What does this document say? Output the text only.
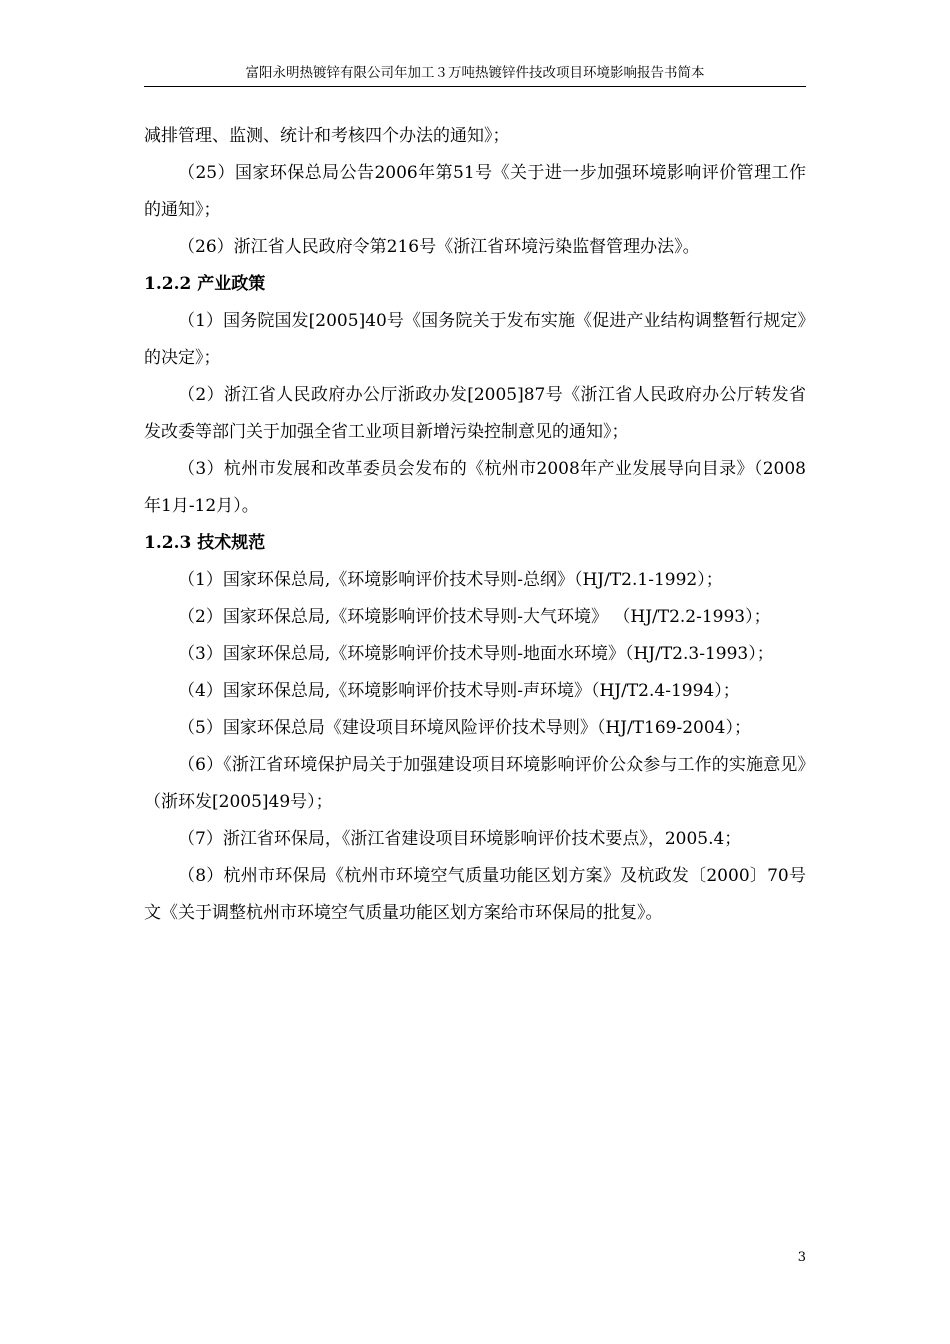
富阳永明热镀锌有限公司年加工３万吨热镀锌件技改项目环境影响报告书简本

减排管理、监测、统计和考核四个办法的通知》；

（25）国家环保总局公告2006年第51号《关于进一步加强环境影响评价管理工作的通知》；

（26）浙江省人民政府令第216号《浙江省环境污染监督管理办法》。

1.2.2 产业政策

（1）国务院国发[2005]40号《国务院关于发布实施《促进产业结构调整暂行规定》的决定》；

（2）浙江省人民政府办公厅浙政办发[2005]87号《浙江省人民政府办公厅转发省发改委等部门关于加强全省工业项目新增污染控制意见的通知》；

（3）杭州市发展和改革委员会发布的《杭州市2008年产业发展导向目录》（2008年1月-12月）。

1.2.3 技术规范

（1）国家环保总局,《环境影响评价技术导则-总纲》（HJ/T2.1-1992）；

（2）国家环保总局,《环境影响评价技术导则-大气环境》 （HJ/T2.2-1993）；

（3）国家环保总局,《环境影响评价技术导则-地面水环境》（HJ/T2.3-1993）；

（4）国家环保总局,《环境影响评价技术导则-声环境》（HJ/T2.4-1994）；

（5）国家环保总局《建设项目环境风险评价技术导则》（HJ/T169-2004）；

（6）《浙江省环境保护局关于加强建设项目环境影响评价公众参与工作的实施意见》（浙环发[2005]49号）；

（7）浙江省环保局，《浙江省建设项目环境影响评价技术要点》，2005.4；

（8）杭州市环保局《杭州市环境空气质量功能区划方案》及杭政发〔2000〕70号文《关于调整杭州市环境空气质量功能区划方案给市环保局的批复》。

3
